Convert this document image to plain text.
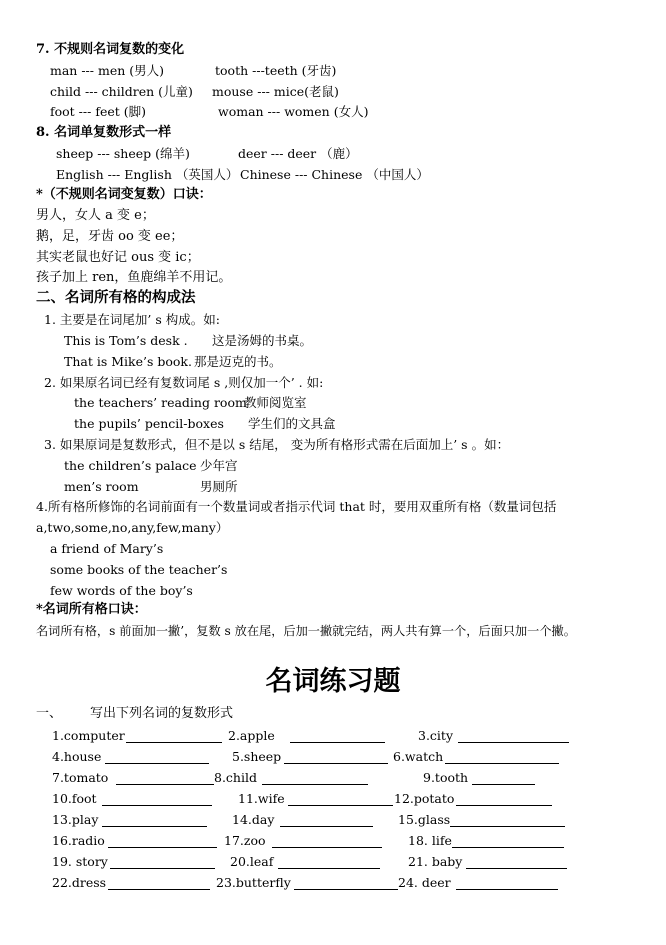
7. 不规则名词复数的变化
man --- men (男人)	tooth ---teeth (牙齿)
child --- children (儿童) mouse --- mice(老鼠)
foot --- feet (脚)	woman --- women (女人)
8. 名词单复数形式一样
sheep --- sheep (绵羊)	deer --- deer （鹿）
English --- English （英国人） Chinese --- Chinese （中国人）
*（不规则名词变复数）口诀：
男人，女人 a 变 e；
鹅，足，牙齿 oo 变 ee；
其实老鼠也好记 ous 变 ic；
孩子加上 ren，鱼鹿绵羊不用记。
二、名词所有格的构成法
1. 主要是在词尾加’ s 构成。如:
This is Tom’s desk . 这是汤姆的书桌。
That is Mike’s book. 那是迈克的书。
2. 如果原名词已经有复数词尾 s ,则仅加一个’ . 如:
the teachers’ reading room
教师阅览室
the pupils’ pencil-boxes 学生们的文具盒
3. 如果原词是复数形式，但不是以 s 结尾， 变为所有格形式需在后面加上’ s 。如：
the children’s palace 少年宫
men’s room	男厕所
4.所有格所修饰的名词前面有一个数量词或者指示代词 that 时，要用双重所有格（数量词包括
a,two,some,no,any,few,many）
a friend of Mary’s
some books of the teacher’s
few words of the boy’s
*名词所有格口诀：
名词所有格，s 前面加一撇’，复数 s 放在尾，后加一撇就完结，两人共有算一个，后面只加一个撇。
名词练习题
一、 写出下列名词的复数形式
1.computer	2.apple	3.city
4.house	5.sheep	6.watch
7.tomato	8.child	9.tooth
10.foot	11.wife	12.potato
13.play	14.day	15.glass
16.radio	17.zoo	18. life
19. story	20.leaf	21. baby
22.dress	23.butterfly	24. deer
